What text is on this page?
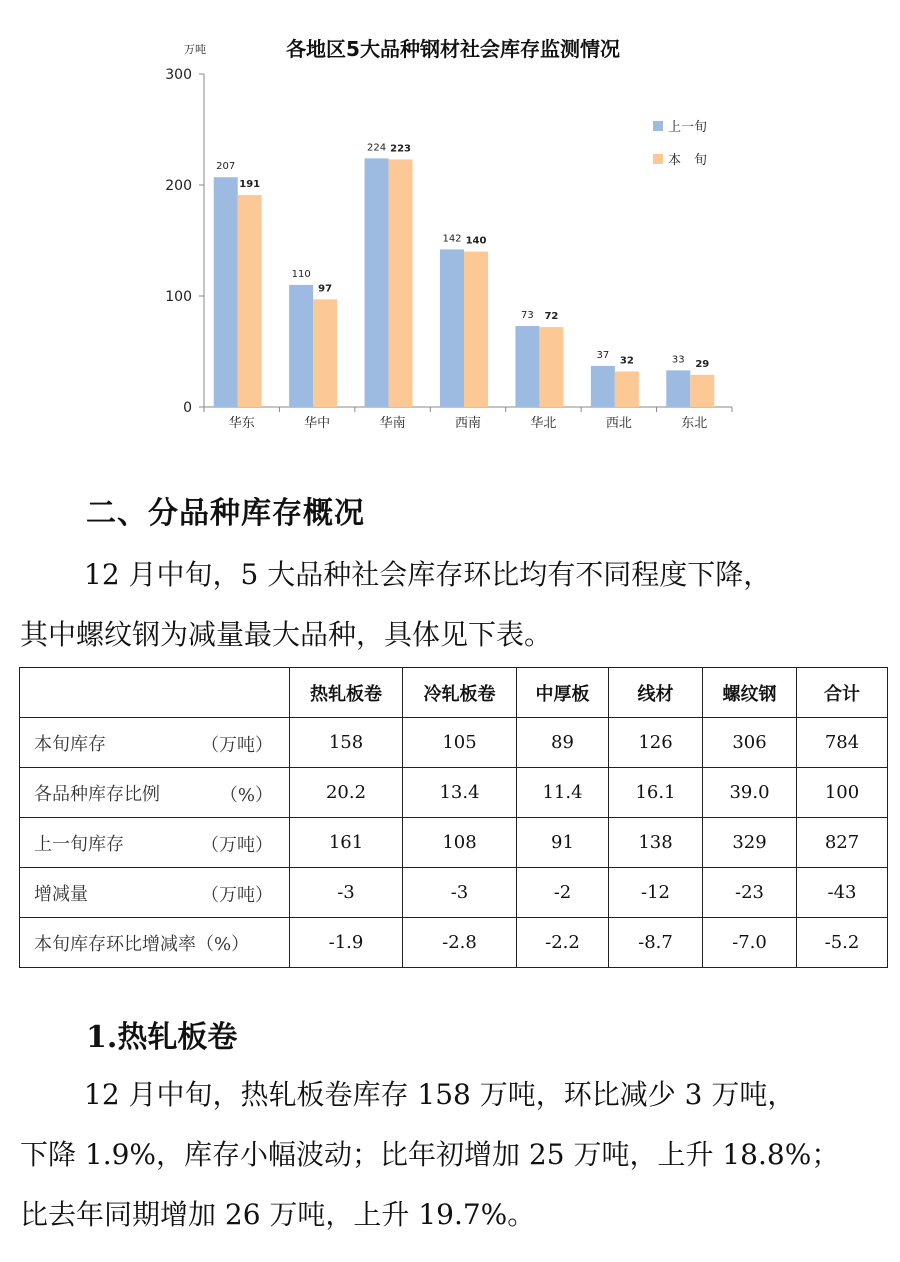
各地区5大品种钢材社会库存监测情况
万吨
0
100
200
300
华东	华中	华南	西南	华北	西北	东北
207
191
110
97
224 223
142 140
73 72
37
32	33 29
上一旬
本　旬
二、分品种库存概况
12 月中旬，5 大品种社会库存环比均有不同程度下降，
其中螺纹钢为减量最大品种，具体见下表。
	热轧板卷	冷轧板卷	中厚板	线材	螺纹钢	合计
本旬库存 （万吨）	158	105	89	126	306	784
各品种库存比例 （%）	20.2	13.4	11.4	16.1	39.0	100
上一旬库存 （万吨）	161	108	91	138	329	827
增减量 （万吨）	-3	-3	-2	-12	-23	-43
本旬库存环比增减率（%）	-1.9	-2.8	-2.2	-8.7	-7.0	-5.2
1.热轧板卷
12 月中旬，热轧板卷库存 158 万吨，环比减少 3 万吨，
下降 1.9%，库存小幅波动；比年初增加 25 万吨，上升 18.8%；
比去年同期增加 26 万吨，上升 19.7%。
